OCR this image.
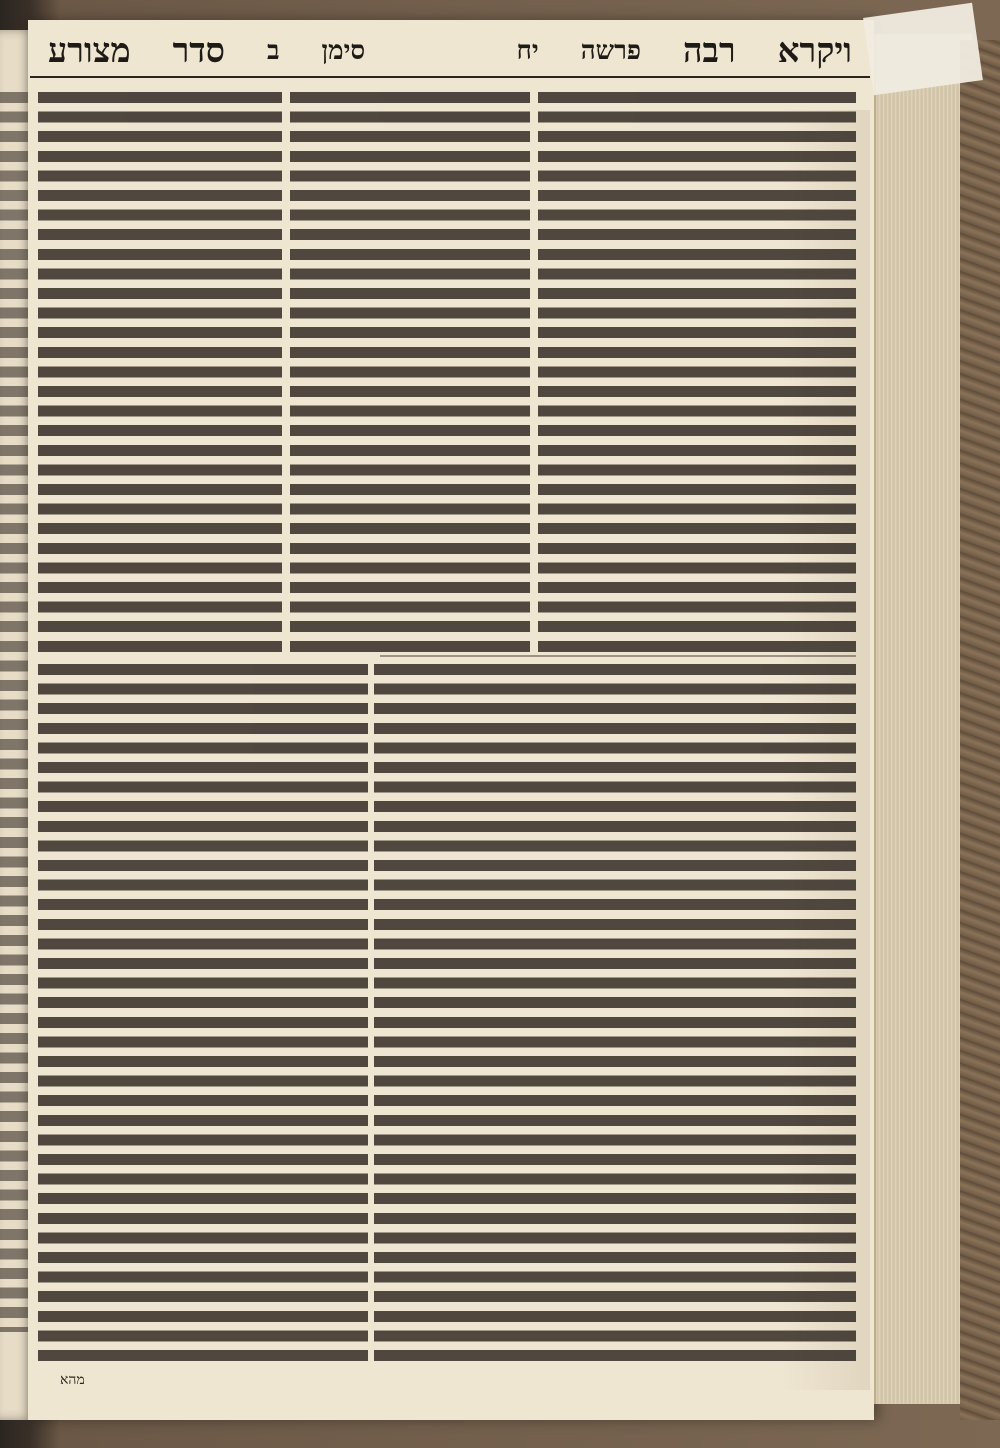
ויקרא
רבה
פרשה
יח
סימן
ב
סדר
מצורע
מהא
